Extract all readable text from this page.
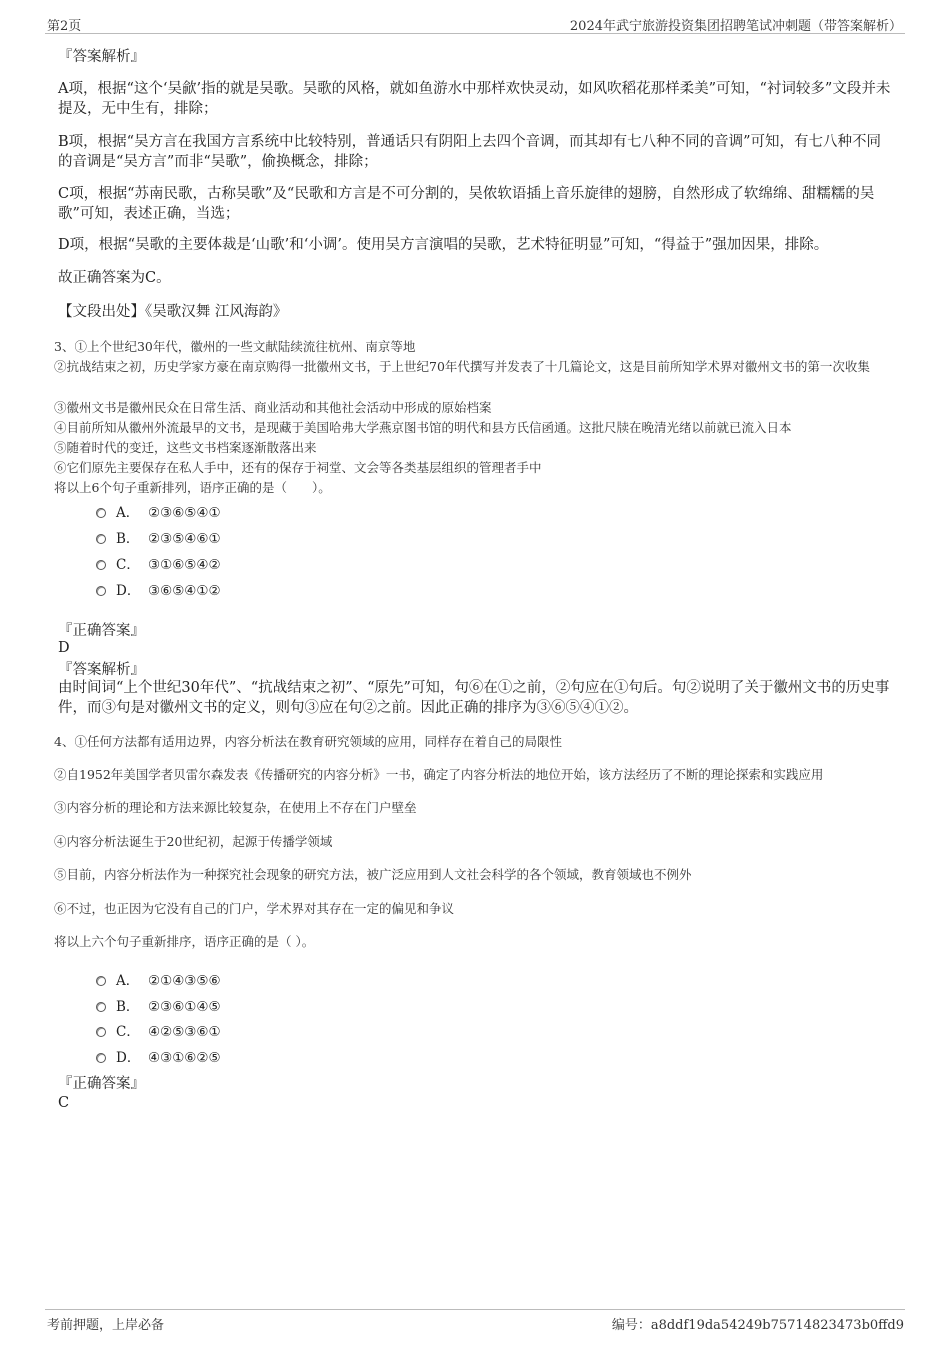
第2页	2024年武宁旅游投资集团招聘笔试冲刺题（带答案解析）
『答案解析』
A项，根据“这个‘吴歈’指的就是吴歌。吴歌的风格，就如鱼游水中那样欢快灵动，如风吹稻花那样柔美”可知，“衬词较多”文段并未提及，无中生有，排除；
B项，根据“吴方言在我国方言系统中比较特别，普通话只有阴阳上去四个音调，而其却有七八种不同的音调”可知，有七八种不同的音调是“吴方言”而非“吴歌”，偷换概念，排除；
C项，根据“苏南民歌，古称吴歌”及“民歌和方言是不可分割的，吴侬软语插上音乐旋律的翅膀，自然形成了软绵绵、甜糯糯的吴歌”可知，表述正确，当选；
D项，根据“吴歌的主要体裁是‘山歌’和‘小调’。使用吴方言演唱的吴歌，艺术特征明显”可知，“得益于”强加因果，排除。
故正确答案为C。
【文段出处】《吴歌汉舞 江风海韵》
3、①上个世纪30年代，徽州的一些文献陆续流往杭州、南京等地
②抗战结束之初，历史学家方豪在南京购得一批徽州文书，于上世纪70年代撰写并发表了十几篇论文，这是目前所知学术界对徽州文书的第一次收集
③徽州文书是徽州民众在日常生活、商业活动和其他社会活动中形成的原始档案
④目前所知从徽州外流最早的文书，是现藏于美国哈弗大学燕京图书馆的明代和县方氏信函通。这批尺牍在晚清光绪以前就已流入日本
⑤随着时代的变迁，这些文书档案逐渐散落出来
⑥它们原先主要保存在私人手中，还有的保存于祠堂、文会等各类基层组织的管理者手中
将以上6个句子重新排列，语序正确的是（　　）。
A． ②③⑥⑤④①
B． ②③⑤④⑥①
C． ③①⑥⑤④②
D． ③⑥⑤④①②
『正确答案』
D
『答案解析』
由时间词“上个世纪30年代”、“抗战结束之初”、“原先”可知，句⑥在①之前，②句应在①句后。句②说明了关于徽州文书的历史事件，而③句是对徽州文书的定义，则句③应在句②之前。因此正确的排序为③⑥⑤④①②。
4、①任何方法都有适用边界，内容分析法在教育研究领域的应用，同样存在着自己的局限性
②自1952年美国学者贝雷尔森发表《传播研究的内容分析》一书，确定了内容分析法的地位开始，该方法经历了不断的理论探索和实践应用
③内容分析的理论和方法来源比较复杂，在使用上不存在门户壁垒
④内容分析法诞生于20世纪初，起源于传播学领域
⑤目前，内容分析法作为一种探究社会现象的研究方法，被广泛应用到人文社会科学的各个领域，教育领域也不例外
⑥不过，也正因为它没有自己的门户，学术界对其存在一定的偏见和争议
将以上六个句子重新排序，语序正确的是（ ）。
A． ②①④③⑤⑥
B． ②③⑥①④⑤
C． ④②⑤③⑥①
D． ④③①⑥②⑤
『正确答案』
C
考前押题，上岸必备	编号：a8ddf19da54249b75714823473b0ffd9
